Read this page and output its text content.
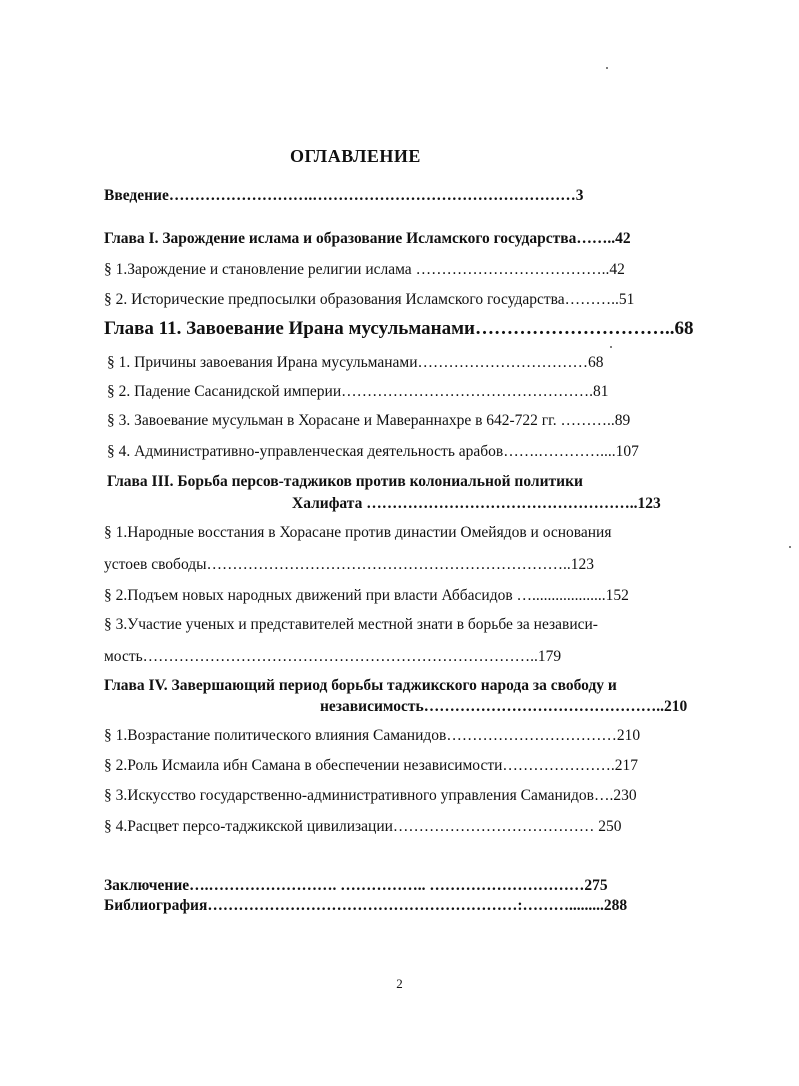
ОГЛАВЛЕНИЕ
Введение……………………….……………………………………………3
Глава I. Зарождение ислама и образование Исламского государства……..42
§ 1.Зарождение и становление религии ислама ………………………………..42
§ 2. Исторические предпосылки образования Исламского государства………..51
Глава 11. Завоевание Ирана мусульманами…………………………..68
§ 1. Причины завоевания Ирана мусульманами……………………………68
§ 2. Падение Сасанидской империи………………………………………….81
§ 3. Завоевание мусульман в Хорасане и Мавераннахре в 642-722 гг. ………..89
§ 4. Административно-управленческая деятельность арабов…….…………....107
Глава III. Борьба персов-таджиков против колониальной политики
Халифата ……………………………………………..123
§ 1.Народные восстания в Хорасане против династии Омейядов и основания
устоев свободы……………………………………………………………..123
§ 2.Подъем новых народных движений при власти Аббасидов …...................152
§ 3.Участие ученых и представителей местной знати в борьбе за независи-
мость…………………………………………………………………..179
Глава IV. Завершающий период борьбы таджикского народа за свободу и
независимость………………………………………..210
§ 1.Возрастание политического влияния Саманидов……………………………210
§ 2.Роль Исмаила ибн Самана в обеспечении независимости………………….217
§ 3.Искусство государственно-административного управления Саманидов….230
§ 4.Расцвет персо-таджикской цивилизации………………………………… 250
Заключение….……………………. …………….. …………………………275
Библиография……………………………………………………:……….........288
2
